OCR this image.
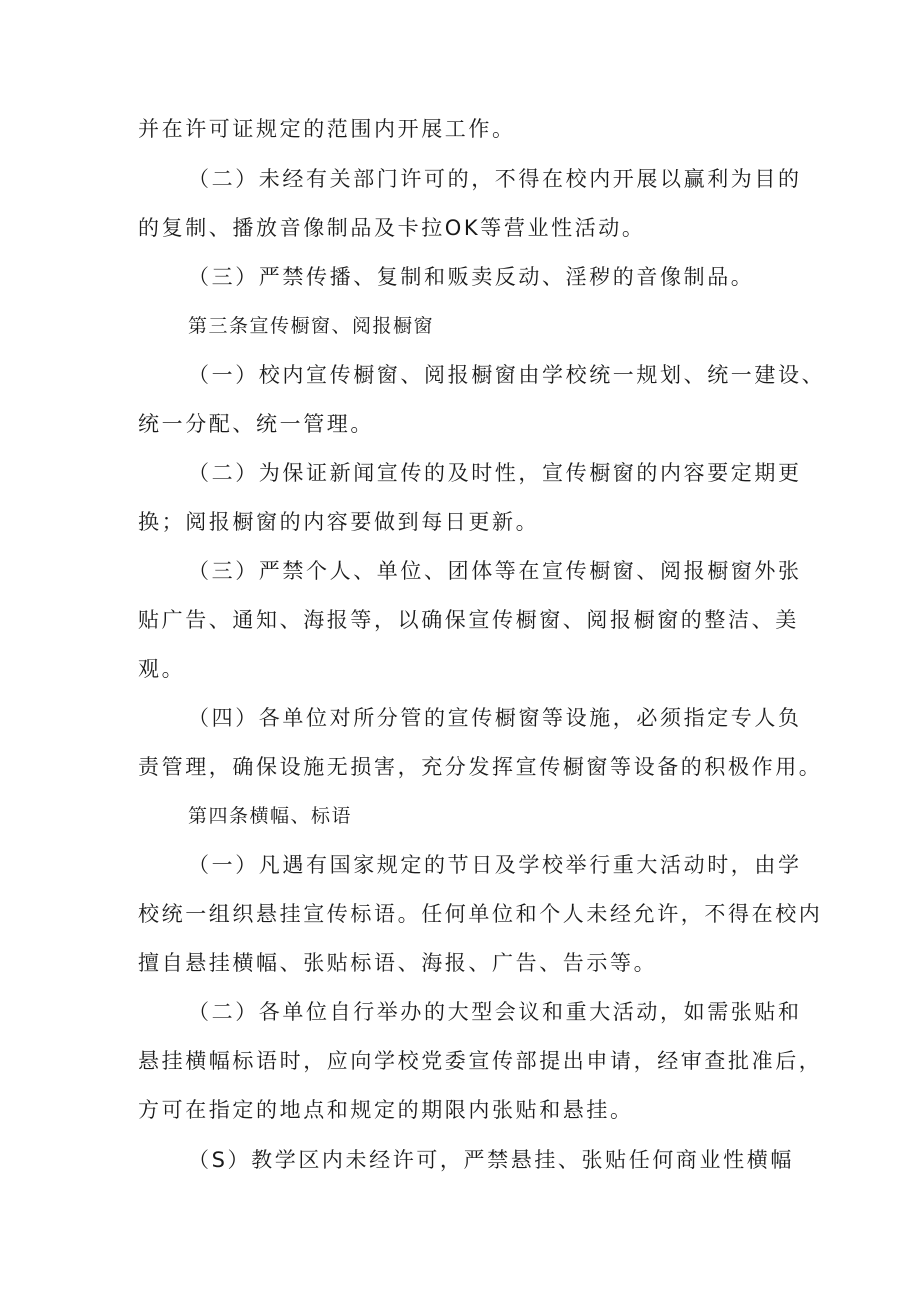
并在许可证规定的范围内开展工作。
（二）未经有关部门许可的，不得在校内开展以赢利为目的
的复制、播放音像制品及卡拉OK等营业性活动。
（三）严禁传播、复制和贩卖反动、淫秽的音像制品。
第三条宣传橱窗、阅报橱窗
（一）校内宣传橱窗、阅报橱窗由学校统一规划、统一建设、
统一分配、统一管理。
（二）为保证新闻宣传的及时性，宣传橱窗的内容要定期更
换；阅报橱窗的内容要做到每日更新。
（三）严禁个人、单位、团体等在宣传橱窗、阅报橱窗外张
贴广告、通知、海报等，以确保宣传橱窗、阅报橱窗的整洁、美
观。
（四）各单位对所分管的宣传橱窗等设施，必须指定专人负
责管理，确保设施无损害，充分发挥宣传橱窗等设备的积极作用。
第四条横幅、标语
（一）凡遇有国家规定的节日及学校举行重大活动时，由学
校统一组织悬挂宣传标语。任何单位和个人未经允许，不得在校内
擅自悬挂横幅、张贴标语、海报、广告、告示等。
（二）各单位自行举办的大型会议和重大活动，如需张贴和
悬挂横幅标语时，应向学校党委宣传部提出申请，经审查批准后，
方可在指定的地点和规定的期限内张贴和悬挂。
（S）教学区内未经许可，严禁悬挂、张贴任何商业性横幅
